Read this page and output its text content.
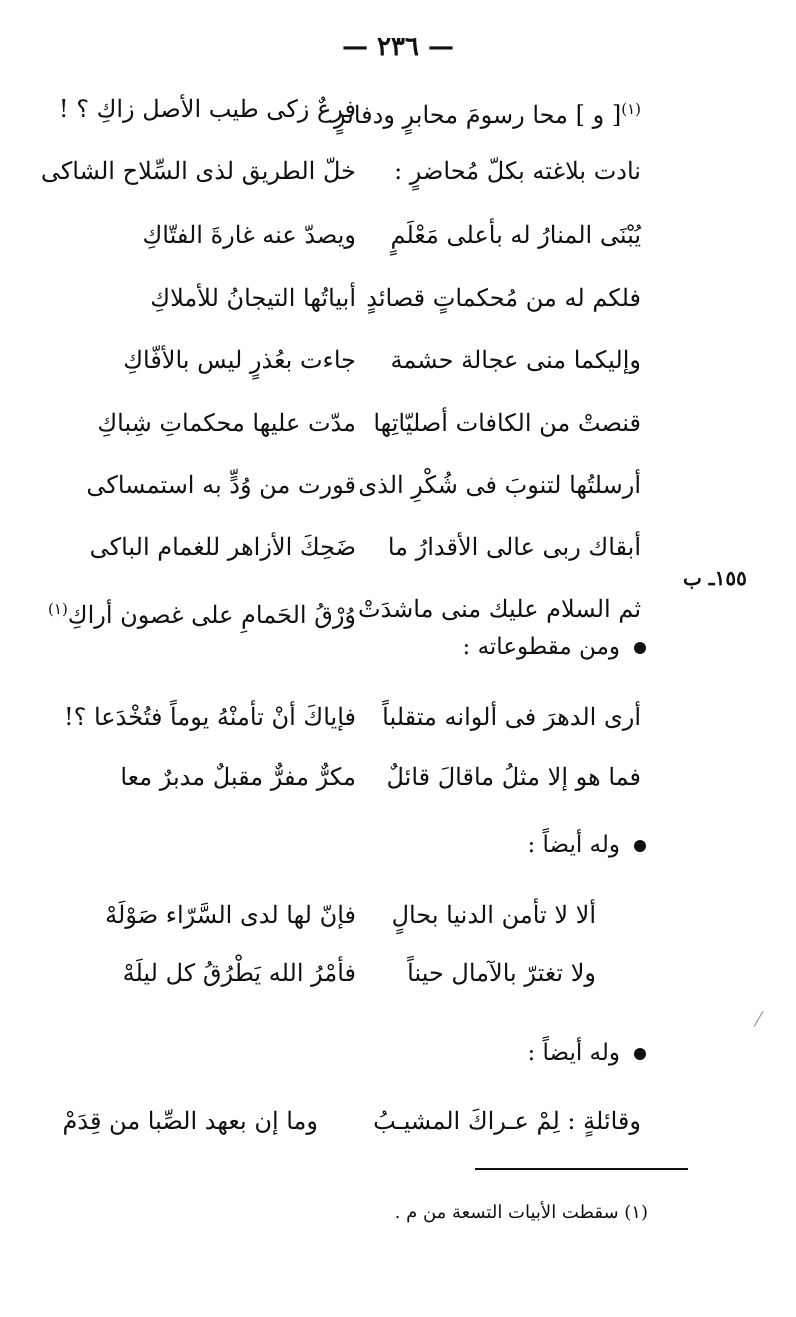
— ٢٣٦ —
$^{(١)}$[ و ] محا رسومَ محابرٍ ودفاترٍ
فرعٌ زكى طيب الأصل زاكِ ؟ !
نادت بلاغته بكلّ مُحاضرٍ :
خلّ الطريق لذى السِّلاح الشاكى
يُبْنَى المنارُ له بأعلى مَعْلَمٍ
ويصدّ عنه غارةَ الفتّاكِ
فلكم له من مُحكماتٍ قصائدٍ
أبياتُها التيجانُ للأملاكِ
وإليكما منى عجالة حشمة
جاءت بعُذرٍ ليس بالأفّاكِ
قنصتْ من الكافات أصليّاتِها
مدّت عليها محكماتِ شِباكِ
أرسلتُها لتنوبَ فى شُكْرِ الذى
قورت من وُدٍّ به استمساكى
أبقاك ربى عالى الأقدارُ ما
ضَحِكَ الأزاهر للغمام الباكى
ثم السلام عليك منى ماشدَتْ
وُرْقُ الحَمامِ على غصون أراكِ$^{(١)}$
١٥٥ـ ب
ومن مقطوعاته :
أرى الدهرَ فى ألوانه متقلباً
فإياكَ أنْ تأمنْهُ يوماً فتُخْدَعا ؟!
فما هو إلا مثلُ ماقالَ قائلٌ
مكرٌّ مفرٌّ مقبلٌ مدبرٌ معا
وله أيضاً :
ألا لا تأمن الدنيا بحالٍ
فإنّ لها لدى السَّرّاء صَوْلَهْ
ولا تغترّ بالآمال حيناً
فأمْرُ الله يَطْرُقُ كل ليلَهْ
وله أيضاً :
وقائلةٍ : لِمْ عـراكَ المشيـبُ
وما إن بعهد الصِّبا من قِدَمْ
(١) سقطت الأبيات التسعة من م .
